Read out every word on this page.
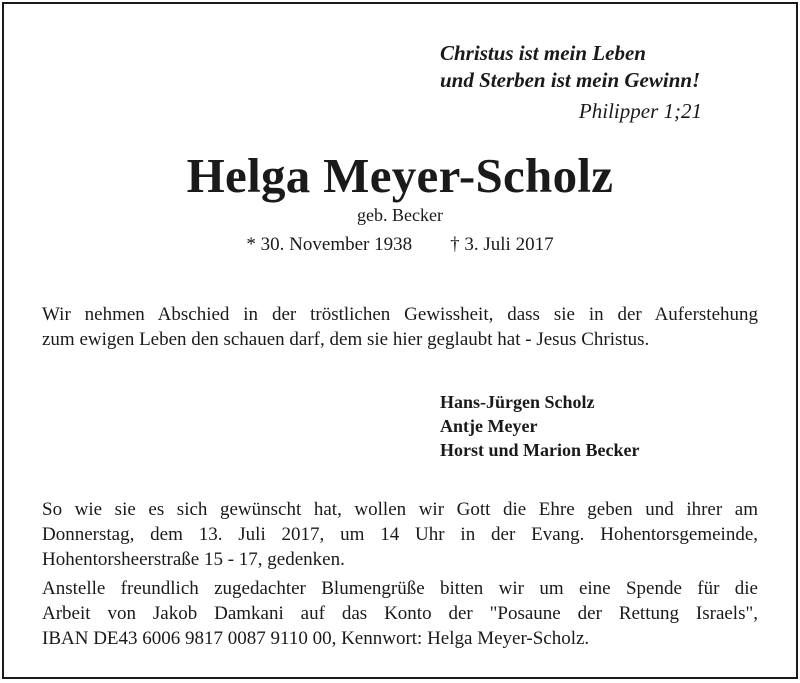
Christus ist mein Leben
und Sterben ist mein Gewinn!
Philipper 1;21
Helga Meyer-Scholz
geb. Becker
* 30. November 1938 † 3. Juli 2017
Wir nehmen Abschied in der tröstlichen Gewissheit, dass sie in der Auferstehung
zum ewigen Leben den schauen darf, dem sie hier geglaubt hat - Jesus Christus.
Hans-Jürgen Scholz
Antje Meyer
Horst und Marion Becker
So wie sie es sich gewünscht hat, wollen wir Gott die Ehre geben und ihrer am
Donnerstag, dem 13. Juli 2017, um 14 Uhr in der Evang. Hohentorsgemeinde,
Hohentorsheerstraße 15 - 17, gedenken.
Anstelle freundlich zugedachter Blumengrüße bitten wir um eine Spende für die
Arbeit von Jakob Damkani auf das Konto der "Posaune der Rettung Israels",
IBAN DE43 6006 9817 0087 9110 00, Kennwort: Helga Meyer-Scholz.
